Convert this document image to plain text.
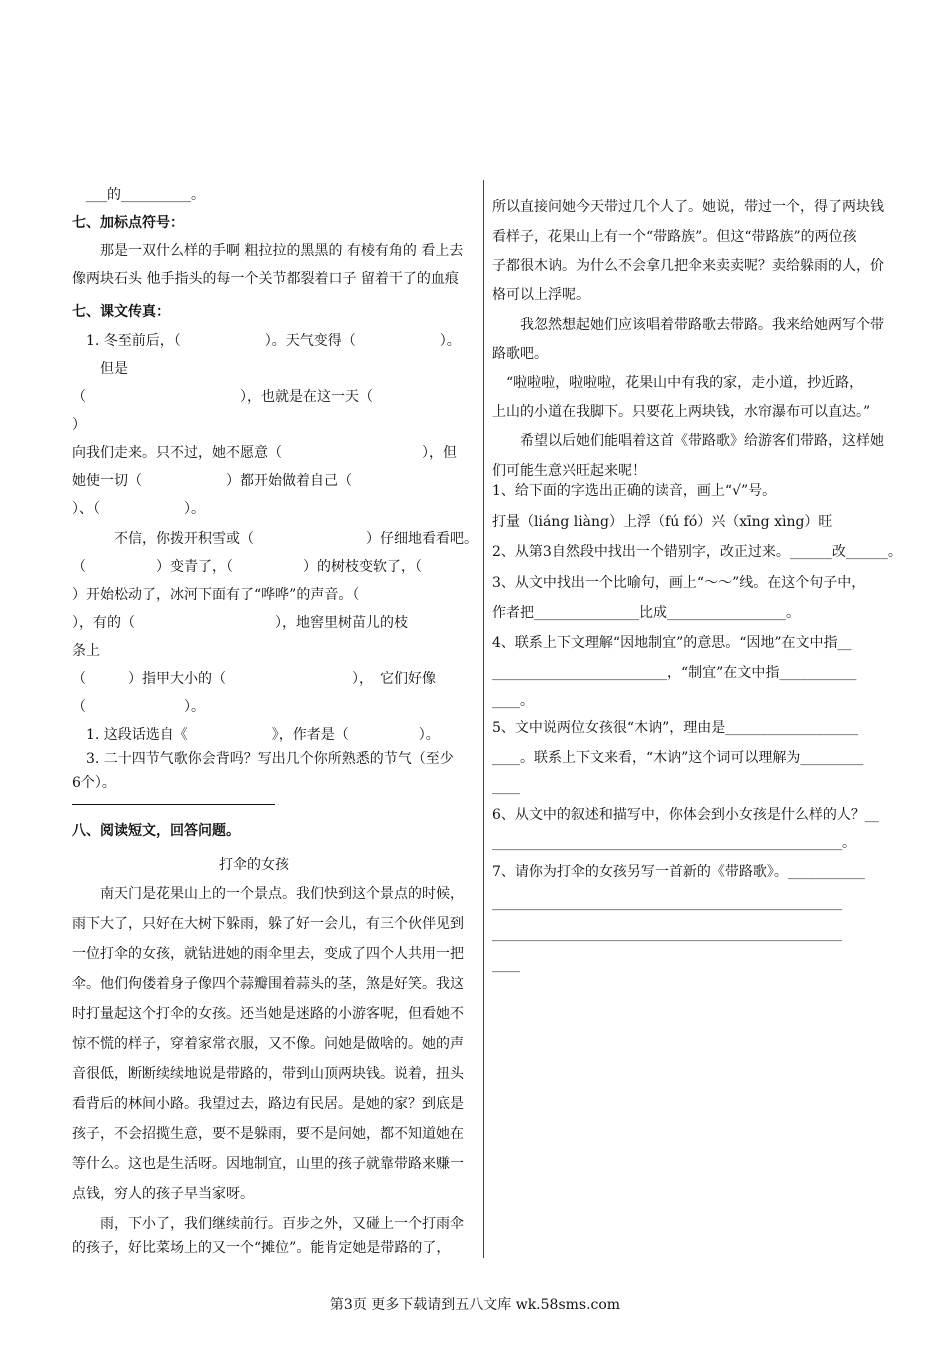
　___的__________。
七、加标点符号：
　　那是一双什么样的手啊 粗拉拉的黑黑的 有棱有角的 看上去
像两块石头 他手指头的每一个关节都裂着口子 留着干了的血痕
七、课文传真：
　1. 冬至前后，（　　　　　　）。天气变得（　　　　　　）。
　　但是
（　　　　　　　　　　　），也就是在这一天（
）
向我们走来。只不过，她不愿意（　　　　　　　　　　），但
她使一切（　　　　　　）都开始做着自己（
）、（　　　　　　）。
　　　不信，你拨开积雪或（　　　　　　　　）仔细地看看吧。
（　　　　　）变青了，（　　　　　）的树枝变软了，（
）开始松动了，冰河下面有了“哗哗”的声音。（
），有的（　　　　　　　　　　），地窖里树苗儿的枝
条上
（　　　）指甲大小的（　　　　　　　　　），　它们好像
（　　　　　　　）。
　1. 这段话选自《　　　　　　》，作者是（　　　　　）。
　3. 二十四节气歌你会背吗？写出几个你所熟悉的节气（至少
6个）。
八、阅读短文，回答问题。
打伞的女孩
　　南天门是花果山上的一个景点。我们快到这个景点的时候，
雨下大了，只好在大树下躲雨，躲了好一会儿，有三个伙伴见到
一位打伞的女孩，就钻进她的雨伞里去，变成了四个人共用一把
伞。他们佝偻着身子像四个蒜瓣围着蒜头的茎，煞是好笑。我这
时打量起这个打伞的女孩。还当她是迷路的小游客呢，但看她不
惊不慌的样子，穿着家常衣服，又不像。问她是做啥的。她的声
音很低，断断续续地说是带路的，带到山顶两块钱。说着，扭头
看背后的林间小路。我望过去，路边有民居。是她的家？到底是
孩子，不会招揽生意，要不是躲雨，要不是问她，都不知道她在
等什么。这也是生活呀。因地制宜，山里的孩子就靠带路来赚一
点钱，穷人的孩子早当家呀。
　　雨，下小了，我们继续前行。百步之外，又碰上一个打雨伞
的孩子，好比菜场上的又一个“摊位”。能肯定她是带路的了，
所以直接问她今天带过几个人了。她说，带过一个，得了两块钱
看样子，花果山上有一个“带路族”。但这“带路族”的两位孩
子都很木讷。为什么不会拿几把伞来卖卖呢？卖给躲雨的人，价
格可以上浮呢。
　　我忽然想起她们应该唱着带路歌去带路。我来给她两写个带
路歌吧。
　“啦啦啦，啦啦啦，花果山中有我的家，走小道，抄近路，
上山的小道在我脚下。只要花上两块钱，水帘瀑布可以直达。”
　　希望以后她们能唱着这首《带路歌》给游客们带路，这样她
们可能生意兴旺起来呢！
1、给下面的字选出正确的读音，画上“√”号。
打量（liáng liàng）上浮（fú fó）兴（xīng xìng）旺
2、从第3自然段中找出一个错别字，改正过来。______改______。
3、从文中找出一个比喻句，画上“～～”线。在这个句子中，
作者把_______________比成_________________。
4、联系上下文理解“因地制宜”的意思。“因地”在文中指__
_________________________，“制宜”在文中指___________
____。
5、文中说两位女孩很“木讷”，理由是___________________
____。联系上下文来看，“木讷”这个词可以理解为_________
____
6、从文中的叙述和描写中，你体会到小女孩是什么样的人？__
__________________________________________________。
7、请你为打伞的女孩另写一首新的《带路歌》。___________
__________________________________________________
__________________________________________________
____
第3页 更多下载请到五八文库 wk.58sms.com
